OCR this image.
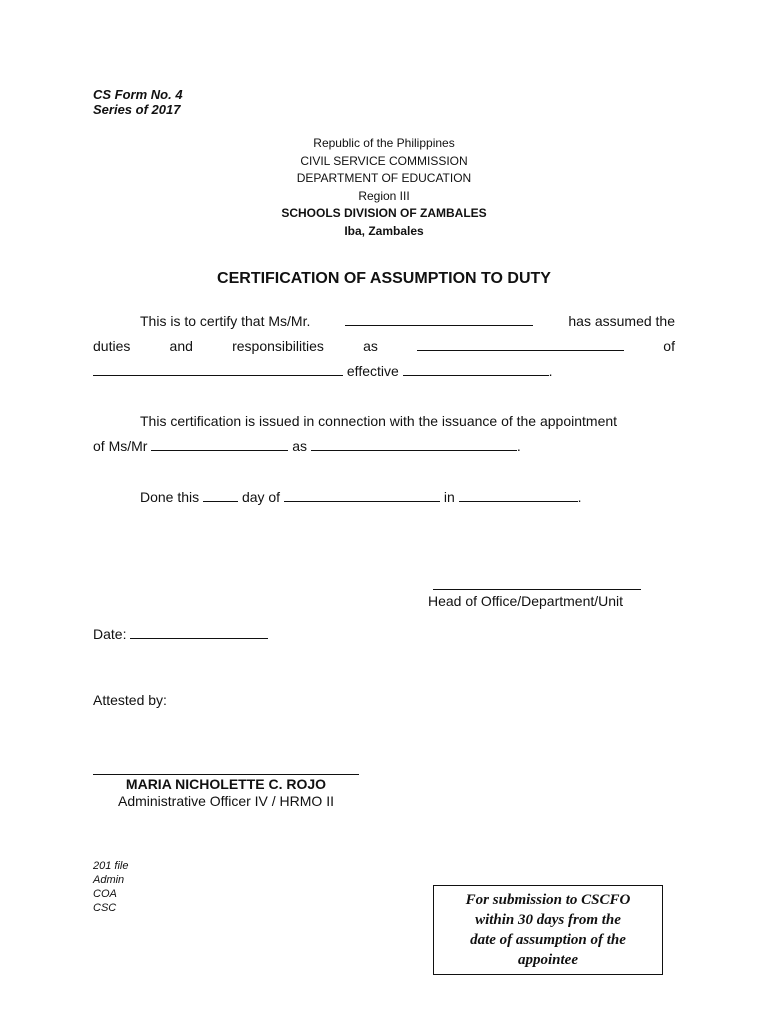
CS Form No. 4
Series of 2017
Republic of the Philippines
CIVIL SERVICE COMMISSION
DEPARTMENT OF EDUCATION
Region III
SCHOOLS DIVISION OF ZAMBALES
Iba, Zambales
CERTIFICATION OF ASSUMPTION TO DUTY
This is to certify that Ms/Mr.	has assumed the
duties	and	responsibilities	as	of
effective	.
This certification is issued in connection with the issuance of the appointment
of Ms/Mr	as	.
Done this	day of	in	.
Head of Office/Department/Unit
Date:
Attested by:
MARIA NICHOLETTE C. ROJO
Administrative Officer IV / HRMO II
201 file
Admin
COA
CSC	For submission to CSCFO
within 30 days from the
date of assumption of the
appointee
